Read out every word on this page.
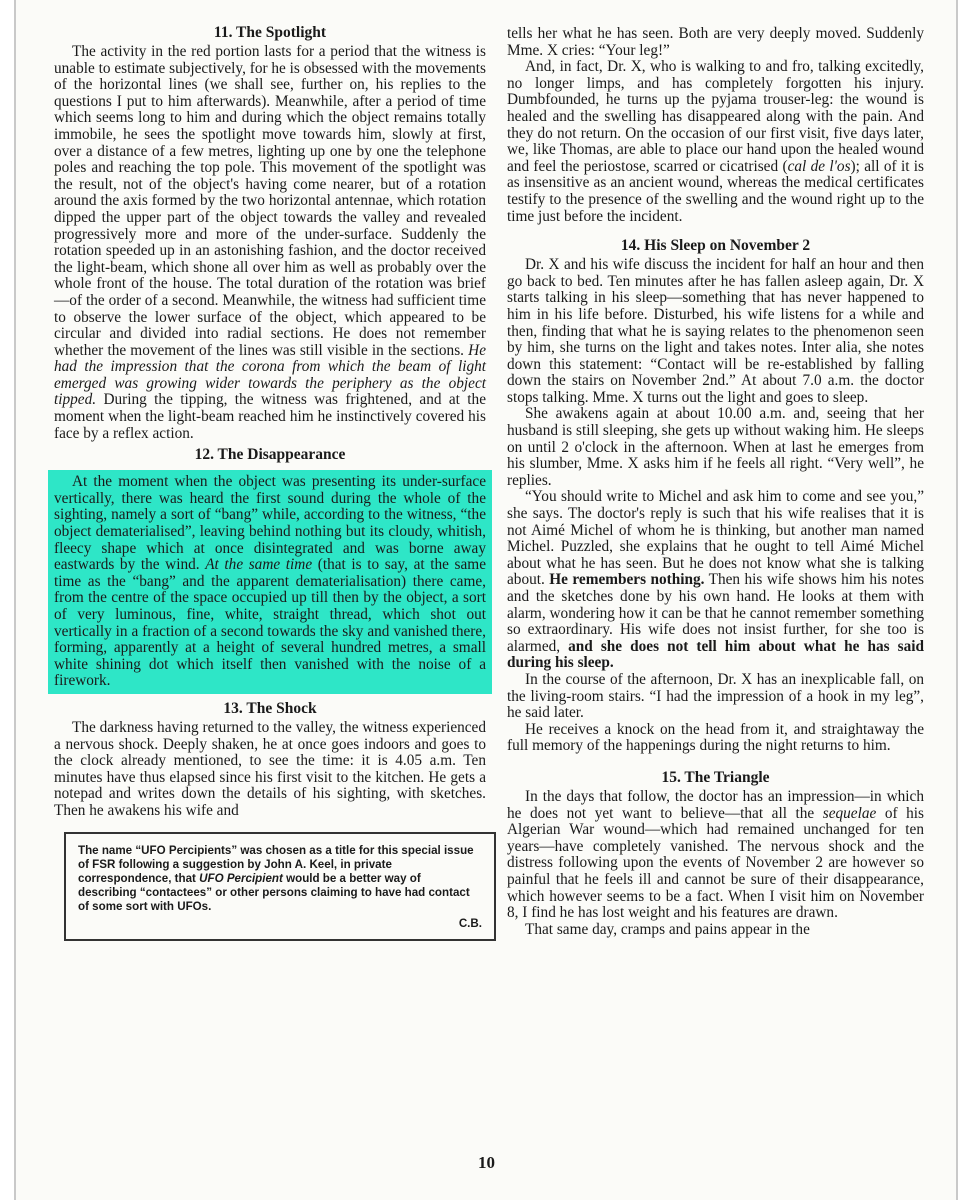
11. The Spotlight

The activity in the red portion lasts for a period that the witness is unable to estimate subjectively, for he is obsessed with the movements of the horizontal lines (we shall see, further on, his replies to the questions I put to him afterwards). Meanwhile, after a period of time which seems long to him and during which the object remains totally immobile, he sees the spotlight move towards him, slowly at first, over a distance of a few metres, lighting up one by one the telephone poles and reaching the top pole. This movement of the spotlight was the result, not of the object's having come nearer, but of a rotation around the axis formed by the two horizontal antennae, which rotation dipped the upper part of the object towards the valley and revealed progressively more and more of the under-surface. Suddenly the rotation speeded up in an astonishing fashion, and the doctor received the light-beam, which shone all over him as well as probably over the whole front of the house. The total duration of the rotation was brief—of the order of a second. Meanwhile, the witness had sufficient time to observe the lower surface of the object, which appeared to be circular and divided into radial sections. He does not remember whether the movement of the lines was still visible in the sections. He had the impression that the corona from which the beam of light emerged was growing wider towards the periphery as the object tipped. During the tipping, the witness was frightened, and at the moment when the light-beam reached him he instinctively covered his face by a reflex action.

12. The Disappearance

At the moment when the object was presenting its under-surface vertically, there was heard the first sound during the whole of the sighting, namely a sort of “bang” while, according to the witness, “the object dematerialised”, leaving behind nothing but its cloudy, whitish, fleecy shape which at once disintegrated and was borne away eastwards by the wind. At the same time (that is to say, at the same time as the “bang” and the apparent dematerialisation) there came, from the centre of the space occupied up till then by the object, a sort of very luminous, fine, white, straight thread, which shot out vertically in a fraction of a second towards the sky and vanished there, forming, apparently at a height of several hundred metres, a small white shining dot which itself then vanished with the noise of a firework.

13. The Shock

The darkness having returned to the valley, the witness experienced a nervous shock. Deeply shaken, he at once goes indoors and goes to the clock already mentioned, to see the time: it is 4.05 a.m. Ten minutes have thus elapsed since his first visit to the kitchen. He gets a notepad and writes down the details of his sighting, with sketches. Then he awakens his wife and

The name “UFO Percipients” was chosen as a title for this special issue of FSR following a suggestion by John A. Keel, in private correspondence, that UFO Percipient would be a better way of describing “contactees” or other persons claiming to have had contact of some sort with UFOs.
C.B.

tells her what he has seen. Both are very deeply moved. Suddenly Mme. X cries: “Your leg!”

And, in fact, Dr. X, who is walking to and fro, talking excitedly, no longer limps, and has completely forgotten his injury. Dumbfounded, he turns up the pyjama trouser-leg: the wound is healed and the swelling has disappeared along with the pain. And they do not return. On the occasion of our first visit, five days later, we, like Thomas, are able to place our hand upon the healed wound and feel the periostose, scarred or cicatrised (cal de l'os); all of it is as insensitive as an ancient wound, whereas the medical certificates testify to the presence of the swelling and the wound right up to the time just before the incident.

14. His Sleep on November 2

Dr. X and his wife discuss the incident for half an hour and then go back to bed. Ten minutes after he has fallen asleep again, Dr. X starts talking in his sleep—something that has never happened to him in his life before. Disturbed, his wife listens for a while and then, finding that what he is saying relates to the phenomenon seen by him, she turns on the light and takes notes. Inter alia, she notes down this statement: “Contact will be re-established by falling down the stairs on November 2nd.” At about 7.0 a.m. the doctor stops talking. Mme. X turns out the light and goes to sleep.

She awakens again at about 10.00 a.m. and, seeing that her husband is still sleeping, she gets up without waking him. He sleeps on until 2 o'clock in the afternoon. When at last he emerges from his slumber, Mme. X asks him if he feels all right. “Very well”, he replies.

“You should write to Michel and ask him to come and see you,” she says. The doctor's reply is such that his wife realises that it is not Aimé Michel of whom he is thinking, but another man named Michel. Puzzled, she explains that he ought to tell Aimé Michel about what he has seen. But he does not know what she is talking about. He remembers nothing. Then his wife shows him his notes and the sketches done by his own hand. He looks at them with alarm, wondering how it can be that he cannot remember something so extraordinary. His wife does not insist further, for she too is alarmed, and she does not tell him about what he has said during his sleep.

In the course of the afternoon, Dr. X has an inexplicable fall, on the living-room stairs. “I had the impression of a hook in my leg”, he said later.

He receives a knock on the head from it, and straightaway the full memory of the happenings during the night returns to him.

15. The Triangle

In the days that follow, the doctor has an impression—in which he does not yet want to believe—that all the sequelae of his Algerian War wound—which had remained unchanged for ten years—have completely vanished. The nervous shock and the distress following upon the events of November 2 are however so painful that he feels ill and cannot be sure of their disappearance, which however seems to be a fact. When I visit him on November 8, I find he has lost weight and his features are drawn.

That same day, cramps and pains appear in the

10
